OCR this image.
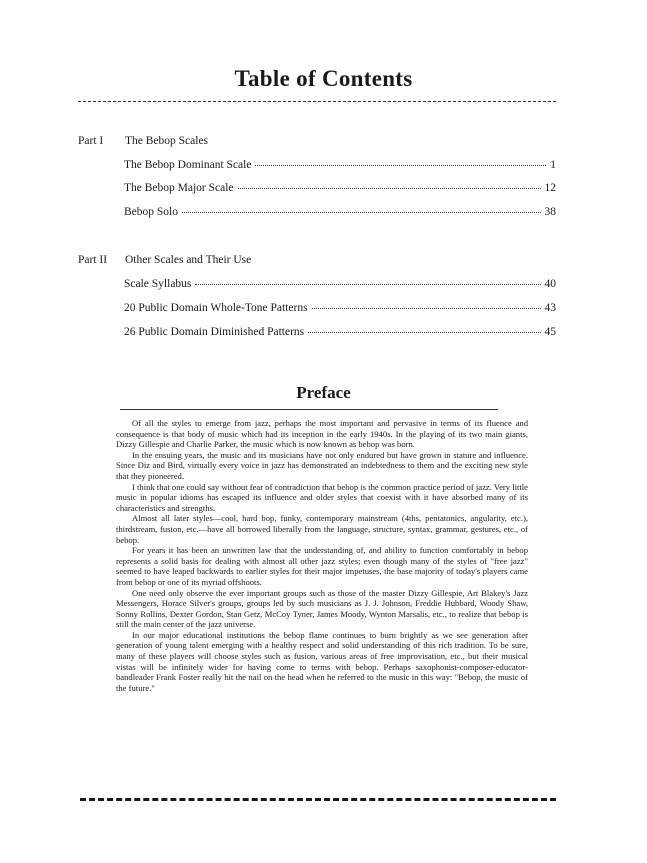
Table of Contents
Part I The Bebop Scales
The Bebop Dominant Scale	1
The Bebop Major Scale	12
Bebop Solo	38
Part II Other Scales and Their Use
Scale Syllabus	40
20 Public Domain Whole-Tone Patterns	43
26 Public Domain Diminished Patterns	45
Preface

Of all the styles to emerge from jazz, perhaps the most important and pervasive in terms of its fluence and consequence is that body of music which had its inception in the early 1940s. In the playing of its two main giants, Dizzy Gillespie and Charlie Parker, the music which is now known as bebop was born.

In the ensuing years, the music and its musicians have not only endured but have grown in stature and influence. Since Diz and Bird, virtually every voice in jazz has demonstrated an indebtedness to them and the exciting new style that they pioneered.

I think that one could say without fear of contradiction that bebop is the common practice period of jazz. Very little music in popular idioms has escaped its influence and older styles that coexist with it have absorbed many of its characteristics and strengths.

Almost all later styles—cool, hard bop, funky, contemporary mainstream (4ths, pentatonics, angularity, etc.), thirdstream, fusion, etc.—have all borrowed liberally from the language, structure, syntax, grammar, gestures, etc., of bebop.

For years it has been an unwritten law that the understanding of, and ability to function comfortably in bebop represents a solid basis for dealing with almost all other jazz styles; even though many of the styles of "free jazz" seemed to have leaped backwards to earlier styles for their major impetuses, the base majority of today's players came from bebop or one of its myriad offshoots.

One need only observe the ever important groups such as those of the master Dizzy Gillespie, Art Blakey's Jazz Messengers, Horace Silver's groups, groups led by such musicians as J. J. Johnson, Freddie Hubbard, Woody Shaw, Sonny Rollins, Dexter Gordon, Stan Getz, McCoy Tyner, James Moody, Wynton Marsalis, etc., to realize that bebop is still the main center of the jazz universe.

In our major educational institutions the bebop flame continues to burn brightly as we see generation after generation of young talent emerging with a healthy respect and solid understanding of this rich tradition. To be sure, many of these players will choose styles such as fusion, various areas of free improvisation, etc., but their musical vistas will be infinitely wider for having come to terms with bebop. Perhaps saxophonist-composer-educator-bandleader Frank Foster really hit the nail on the head when he referred to the music in this way: "Bebop, the music of the future."
